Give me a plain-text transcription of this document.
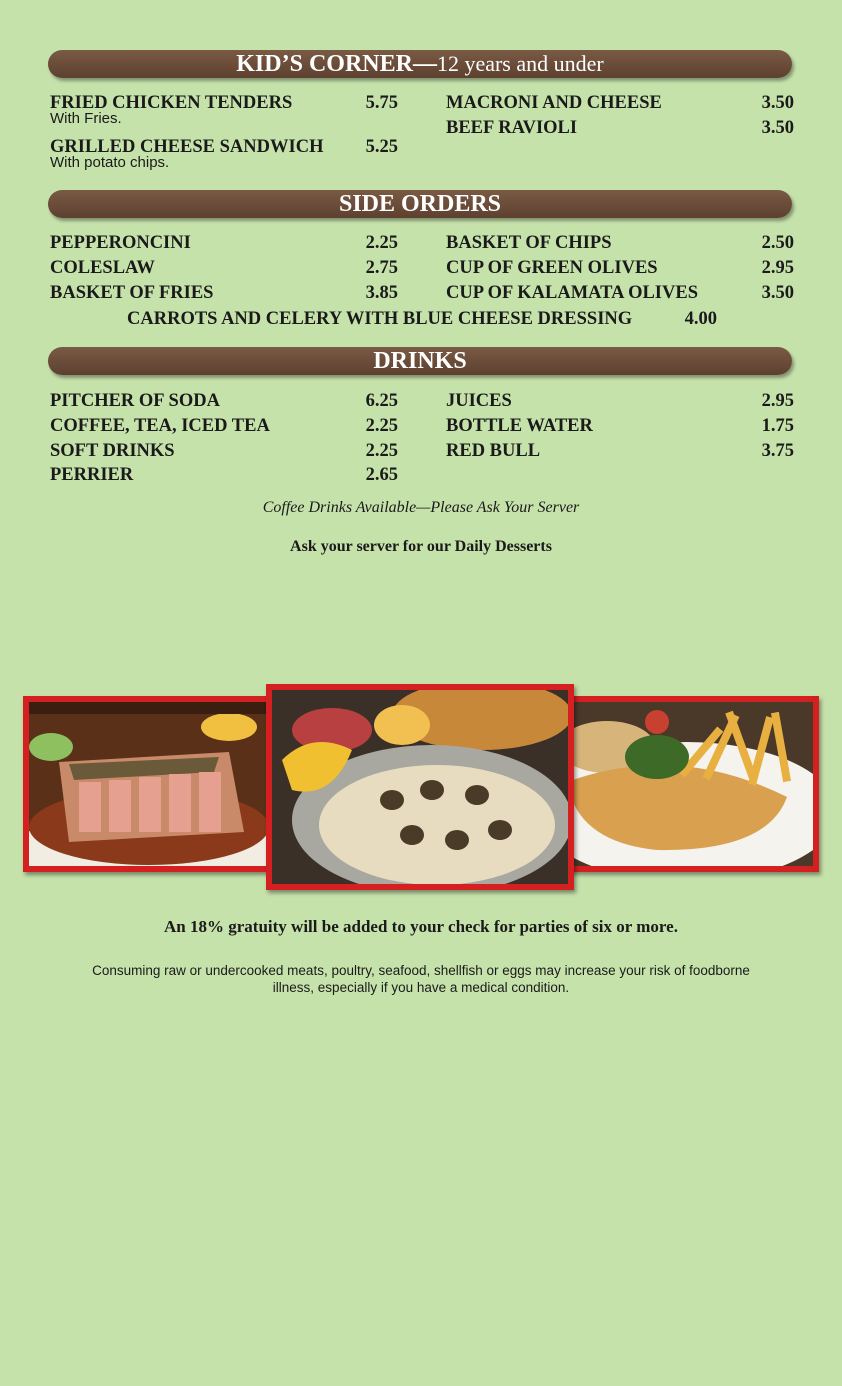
KID’S CORNER—12 years and under
FRIED CHICKEN TENDERS	5.75
With Fries.
GRILLED CHEESE SANDWICH 5.25
With potato chips.
MACRONI AND CHEESE	3.50
BEEF RAVIOLI	3.50
SIDE ORDERS
PEPPERONCINI	2.25
COLESLAW	2.75
BASKET OF FRIES	3.85
BASKET OF CHIPS	2.50
CUP OF GREEN OLIVES	2.95
CUP OF KALAMATA OLIVES	3.50
CARROTS AND CELERY WITH BLUE CHEESE DRESSING	4.00
DRINKS
PITCHER OF SODA	6.25
COFFEE, TEA, ICED TEA	2.25
SOFT DRINKS	2.25
PERRIER	2.65
JUICES	2.95
BOTTLE WATER	1.75
RED BULL	3.75
Coffee Drinks Available—Please Ask Your Server
Ask your server for our Daily Desserts
An 18% gratuity will be added to your check for parties of six or more.
Consuming raw or undercooked meats, poultry, seafood, shellfish or eggs may increase your risk of foodborne
illness, especially if you have a medical condition.
